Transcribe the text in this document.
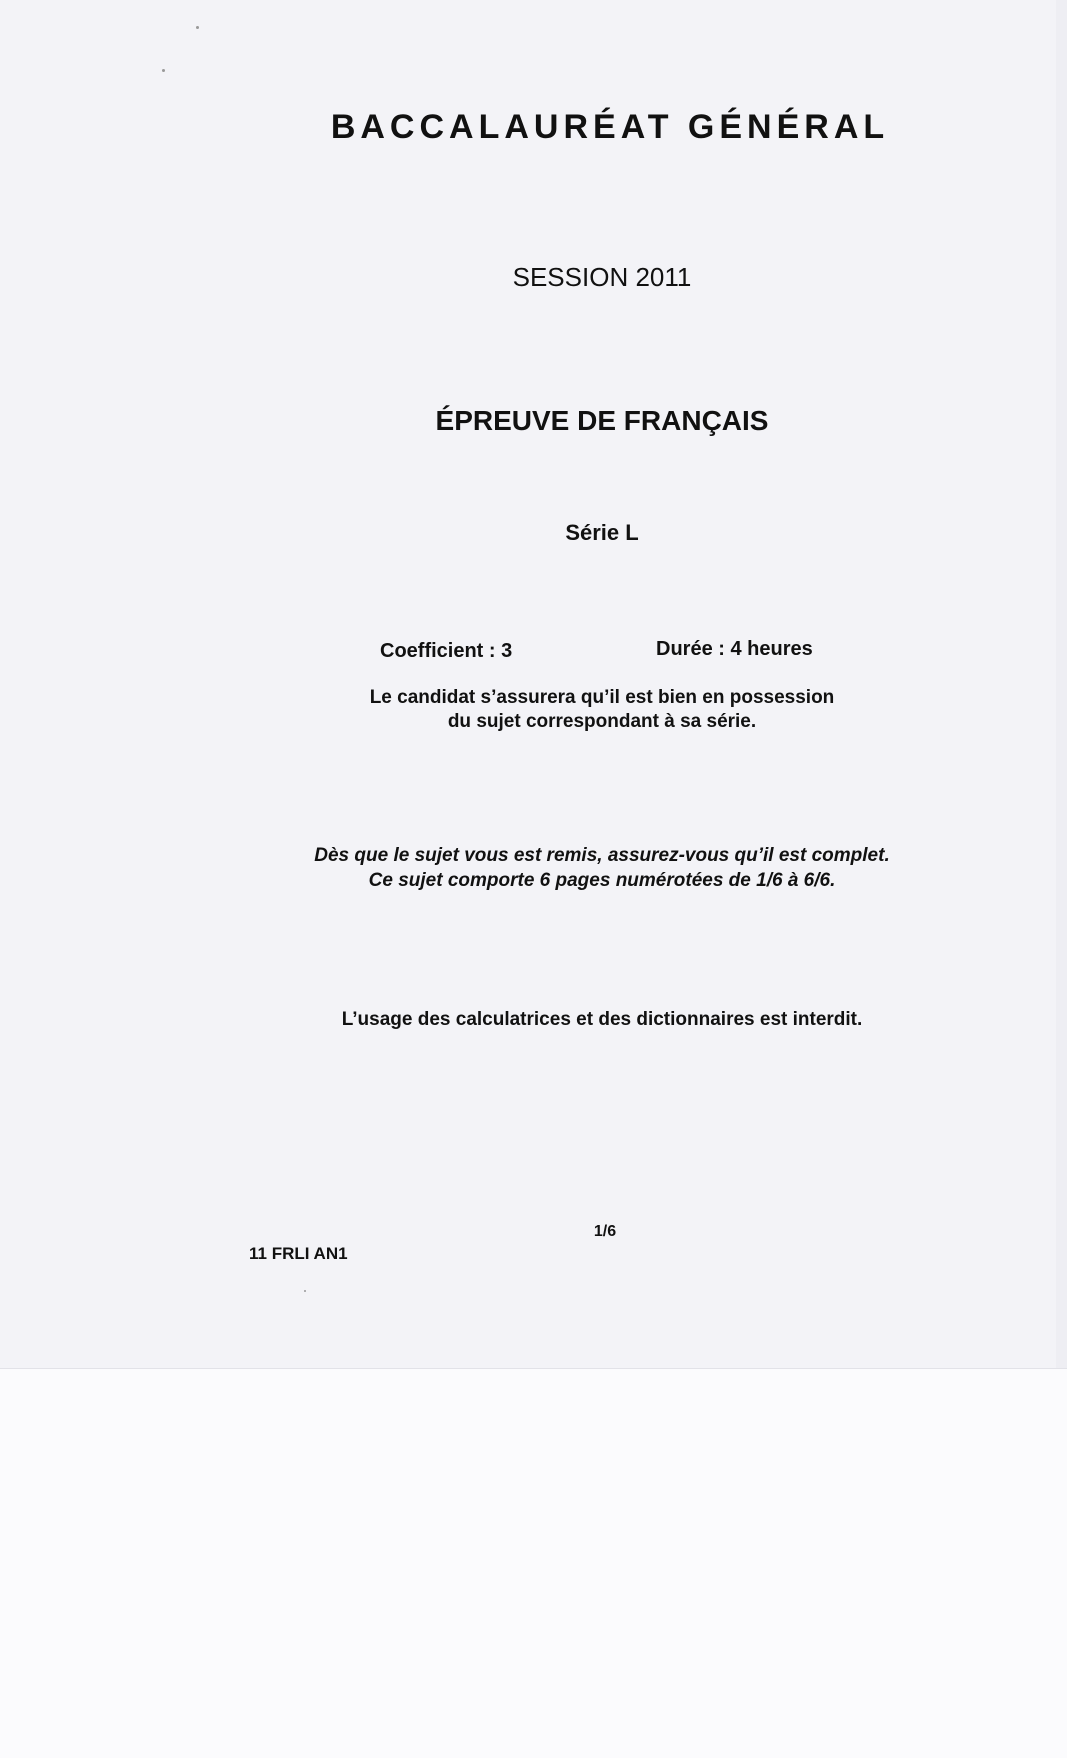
BACCALAURÉAT GÉNÉRAL
SESSION 2011
ÉPREUVE DE FRANÇAIS
Série L
Coefficient : 3	Durée : 4 heures
Le candidat s’assurera qu’il est bien en possession
du sujet correspondant à sa série.
Dès que le sujet vous est remis, assurez-vous qu’il est complet.
Ce sujet comporte 6 pages numérotées de 1/6 à 6/6.
L’usage des calculatrices et des dictionnaires est interdit.
1/6
11 FRLI AN1
